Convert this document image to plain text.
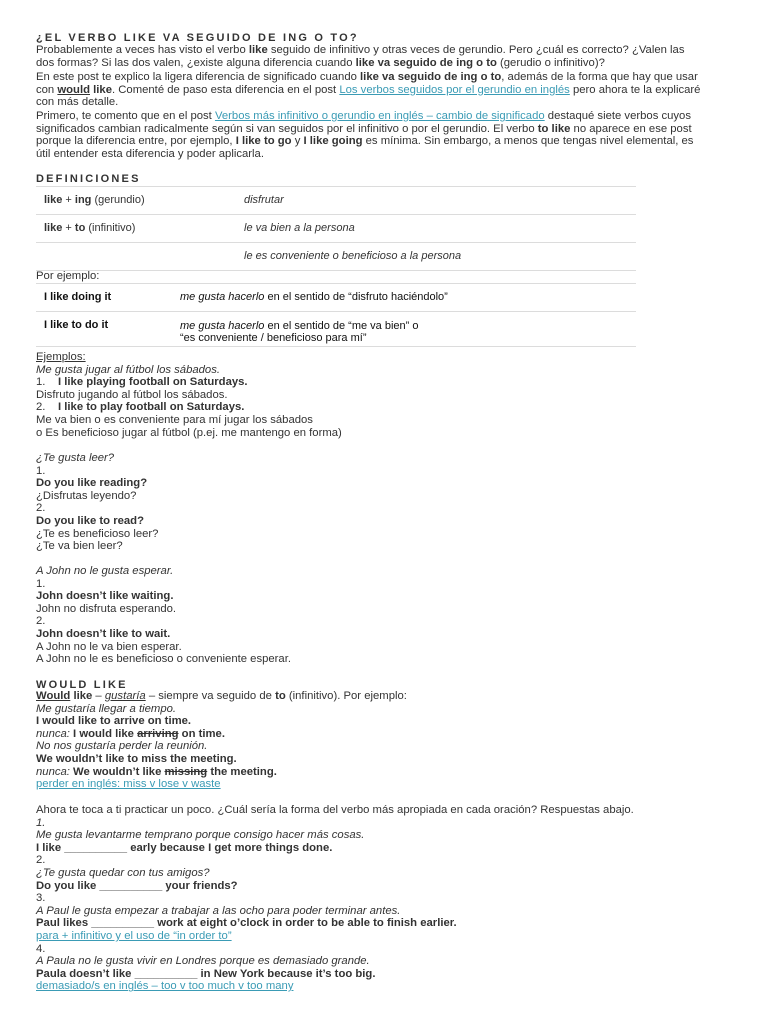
¿EL VERBO LIKE VA SEGUIDO DE ING O TO?
Probablemente a veces has visto el verbo like seguido de infinitivo y otras veces de gerundio. Pero ¿cuál es correcto? ¿Valen las
dos formas? Si las dos valen, ¿existe alguna diferencia cuando like va seguido de ing o to (gerudio o infinitivo)?
En este post te explico la ligera diferencia de significado cuando like va seguido de ing o to, además de la forma que hay que usar
con would like. Comenté de paso esta diferencia en el post Los verbos seguidos por el gerundio en inglés pero ahora te la explicaré
con más detalle.
Primero, te comento que en el post Verbos más infinitivo o gerundio en inglés – cambio de significado destaqué siete verbos cuyos
significados cambian radicalmente según si van seguidos por el infinitivo o por el gerundio. El verbo to like no aparece en ese post
porque la diferencia entre, por ejemplo, I like to go y I like going es mínima. Sin embargo, a menos que tengas nivel elemental, es
útil entender esta diferencia y poder aplicarla.
DEFINICIONES
like + ing (gerundio)	disfrutar
like + to (infinitivo)	le va bien a la persona
	le es conveniente o beneficioso a la persona
Por ejemplo:
I like doing it	me gusta hacerlo en el sentido de “disfruto haciéndolo”
I like to do it	me gusta hacerlo en el sentido de “me va bien” o
“es conveniente / beneficioso para mí”
Ejemplos:
Me gusta jugar al fútbol los sábados.
1. I like playing football on Saturdays.
Disfruto jugando al fútbol los sábados.
2. I like to play football on Saturdays.
Me va bien o es conveniente para mí jugar los sábados
o Es beneficioso jugar al fútbol (p.ej. me mantengo en forma)
¿Te gusta leer?
1.
Do you like reading?
¿Disfrutas leyendo?
2.
Do you like to read?
¿Te es beneficioso leer?
¿Te va bien leer?
A John no le gusta esperar.
1.
John doesn’t like waiting.
John no disfruta esperando.
2.
John doesn’t like to wait.
A John no le va bien esperar.
A John no le es beneficioso o conveniente esperar.
WOULD LIKE
Would like – gustaría – siempre va seguido de to (infinitivo). Por ejemplo:
Me gustaría llegar a tiempo.
I would like to arrive on time.
nunca: I would like arriving on time.
No nos gustaría perder la reunión.
We wouldn’t like to miss the meeting.
nunca: We wouldn’t like missing the meeting.
perder en inglés: miss v lose v waste
Ahora te toca a ti practicar un poco. ¿Cuál sería la forma del verbo más apropiada en cada oración? Respuestas abajo.
1.
Me gusta levantarme temprano porque consigo hacer más cosas.
I like __________ early because I get more things done.
2.
¿Te gusta quedar con tus amigos?
Do you like __________ your friends?
3.
A Paul le gusta empezar a trabajar a las ocho para poder terminar antes.
Paul likes __________ work at eight o’clock in order to be able to finish earlier.
para + infinitivo y el uso de “in order to”
4.
A Paula no le gusta vivir en Londres porque es demasiado grande.
Paula doesn’t like __________ in New York because it’s too big.
demasiado/s en inglés – too v too much v too many
